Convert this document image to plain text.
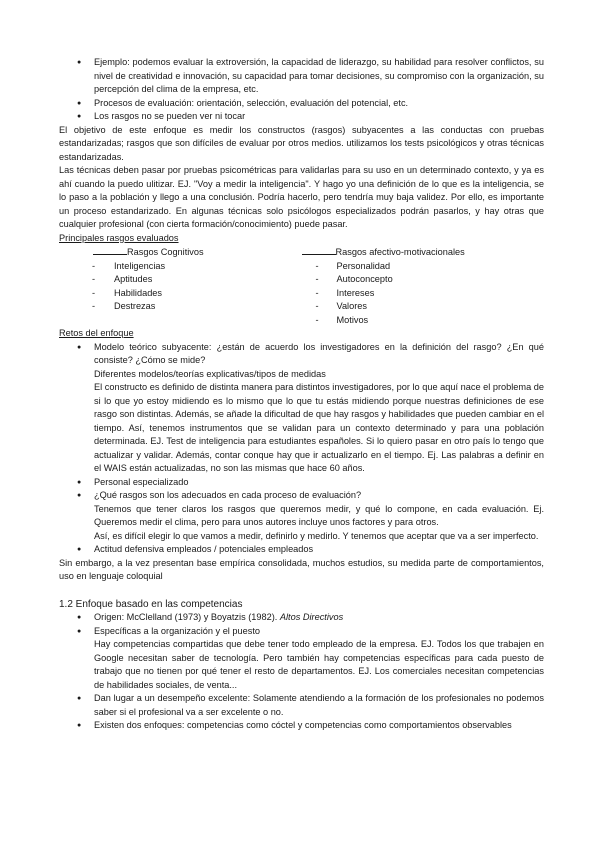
● Ejemplo: podemos evaluar la extroversión, la capacidad de liderazgo, su habilidad para resolver conflictos, su nivel de creatividad e innovación, su capacidad para tomar decisiones, su compromiso con la organización, su percepción del clima de la empresa, etc.
● Procesos de evaluación: orientación, selección, evaluación del potencial, etc.
● Los rasgos no se pueden ver ni tocar

El objetivo de este enfoque es medir los constructos (rasgos) subyacentes a las conductas con pruebas estandarizadas; rasgos que son difíciles de evaluar por otros medios. utilizamos los tests psicológicos y otras técnicas estandarizadas.

Las técnicas deben pasar por pruebas psicométricas para validarlas para su uso en un determinado contexto, y ya es ahí cuando la puedo ulitizar. EJ. "Voy a medir la inteligencia". Y hago yo una definición de lo que es la inteligencia, se lo paso a la población y llego a una conclusión. Podría hacerlo, pero tendría muy baja validez. Por ello, es importante un proceso estandarizado. En algunas técnicas solo psicólogos especializados podrán pasarlos, y hay otras que cualquier profesional (con cierta formación/conocimiento) puede pasar.

Principales rasgos evaluados

Rasgos Cognitivos

- Inteligencias
- Aptitudes
- Habilidades
- Destrezas

Rasgos afectivo-motivacionales

- Personalidad
- Autoconcepto
- Intereses
- Valores
- Motivos

Retos del enfoque

● Modelo teórico subyacente: ¿están de acuerdo los investigadores en la definición del rasgo? ¿En qué consiste? ¿Cómo se mide?

Diferentes modelos/teorías explicativas/tipos de medidas

El constructo es definido de distinta manera para distintos investigadores, por lo que aquí nace el problema de si lo que yo estoy midiendo es lo mismo que lo que tu estás midiendo porque nuestras definiciones de ese rasgo son distintas. Además, se añade la dificultad de que hay rasgos y habilidades que pueden cambiar en el tiempo. Así, tenemos instrumentos que se validan para un contexto determinado y para una población determinada. EJ. Test de inteligencia para estudiantes españoles. Si lo quiero pasar en otro país lo tengo que actualizar y validar. Además, contar conque hay que ir actualizarlo en el tiempo. Ej. Las palabras a definir en el WAIS están actualizadas, no son las mismas que hace 60 años.

● Personal especializado
● ¿Qué rasgos son los adecuados en cada proceso de evaluación?

Tenemos que tener claros los rasgos que queremos medir, y qué lo compone, en cada evaluación. Ej. Queremos medir el clima, pero para unos autores incluye unos factores y para otros.

Así, es difícil elegir lo que vamos a medir, definirlo y medirlo. Y tenemos que aceptar que va a ser imperfecto.

● Actitud defensiva empleados / potenciales empleados

Sin embargo, a la vez presentan base empírica consolidada, muchos estudios, su medida parte de comportamientos, uso en lenguaje coloquial

1.2 Enfoque basado en las competencias

● Origen: McClelland (1973) y Boyatzis (1982). Altos Directivos
● Específicas a la organización y el puesto

Hay competencias compartidas que debe tener todo empleado de la empresa. EJ. Todos los que trabajen en Google necesitan saber de tecnología. Pero también hay competencias específicas para cada puesto de trabajo que no tienen por qué tener el resto de departamentos. EJ. Los comerciales necesitan competencias de habilidades sociales, de venta...

● Dan lugar a un desempeño excelente: Solamente atendiendo a la formación de los profesionales no podemos saber si el profesional va a ser excelente o no.
● Existen dos enfoques: competencias como cóctel y competencias como comportamientos observables
